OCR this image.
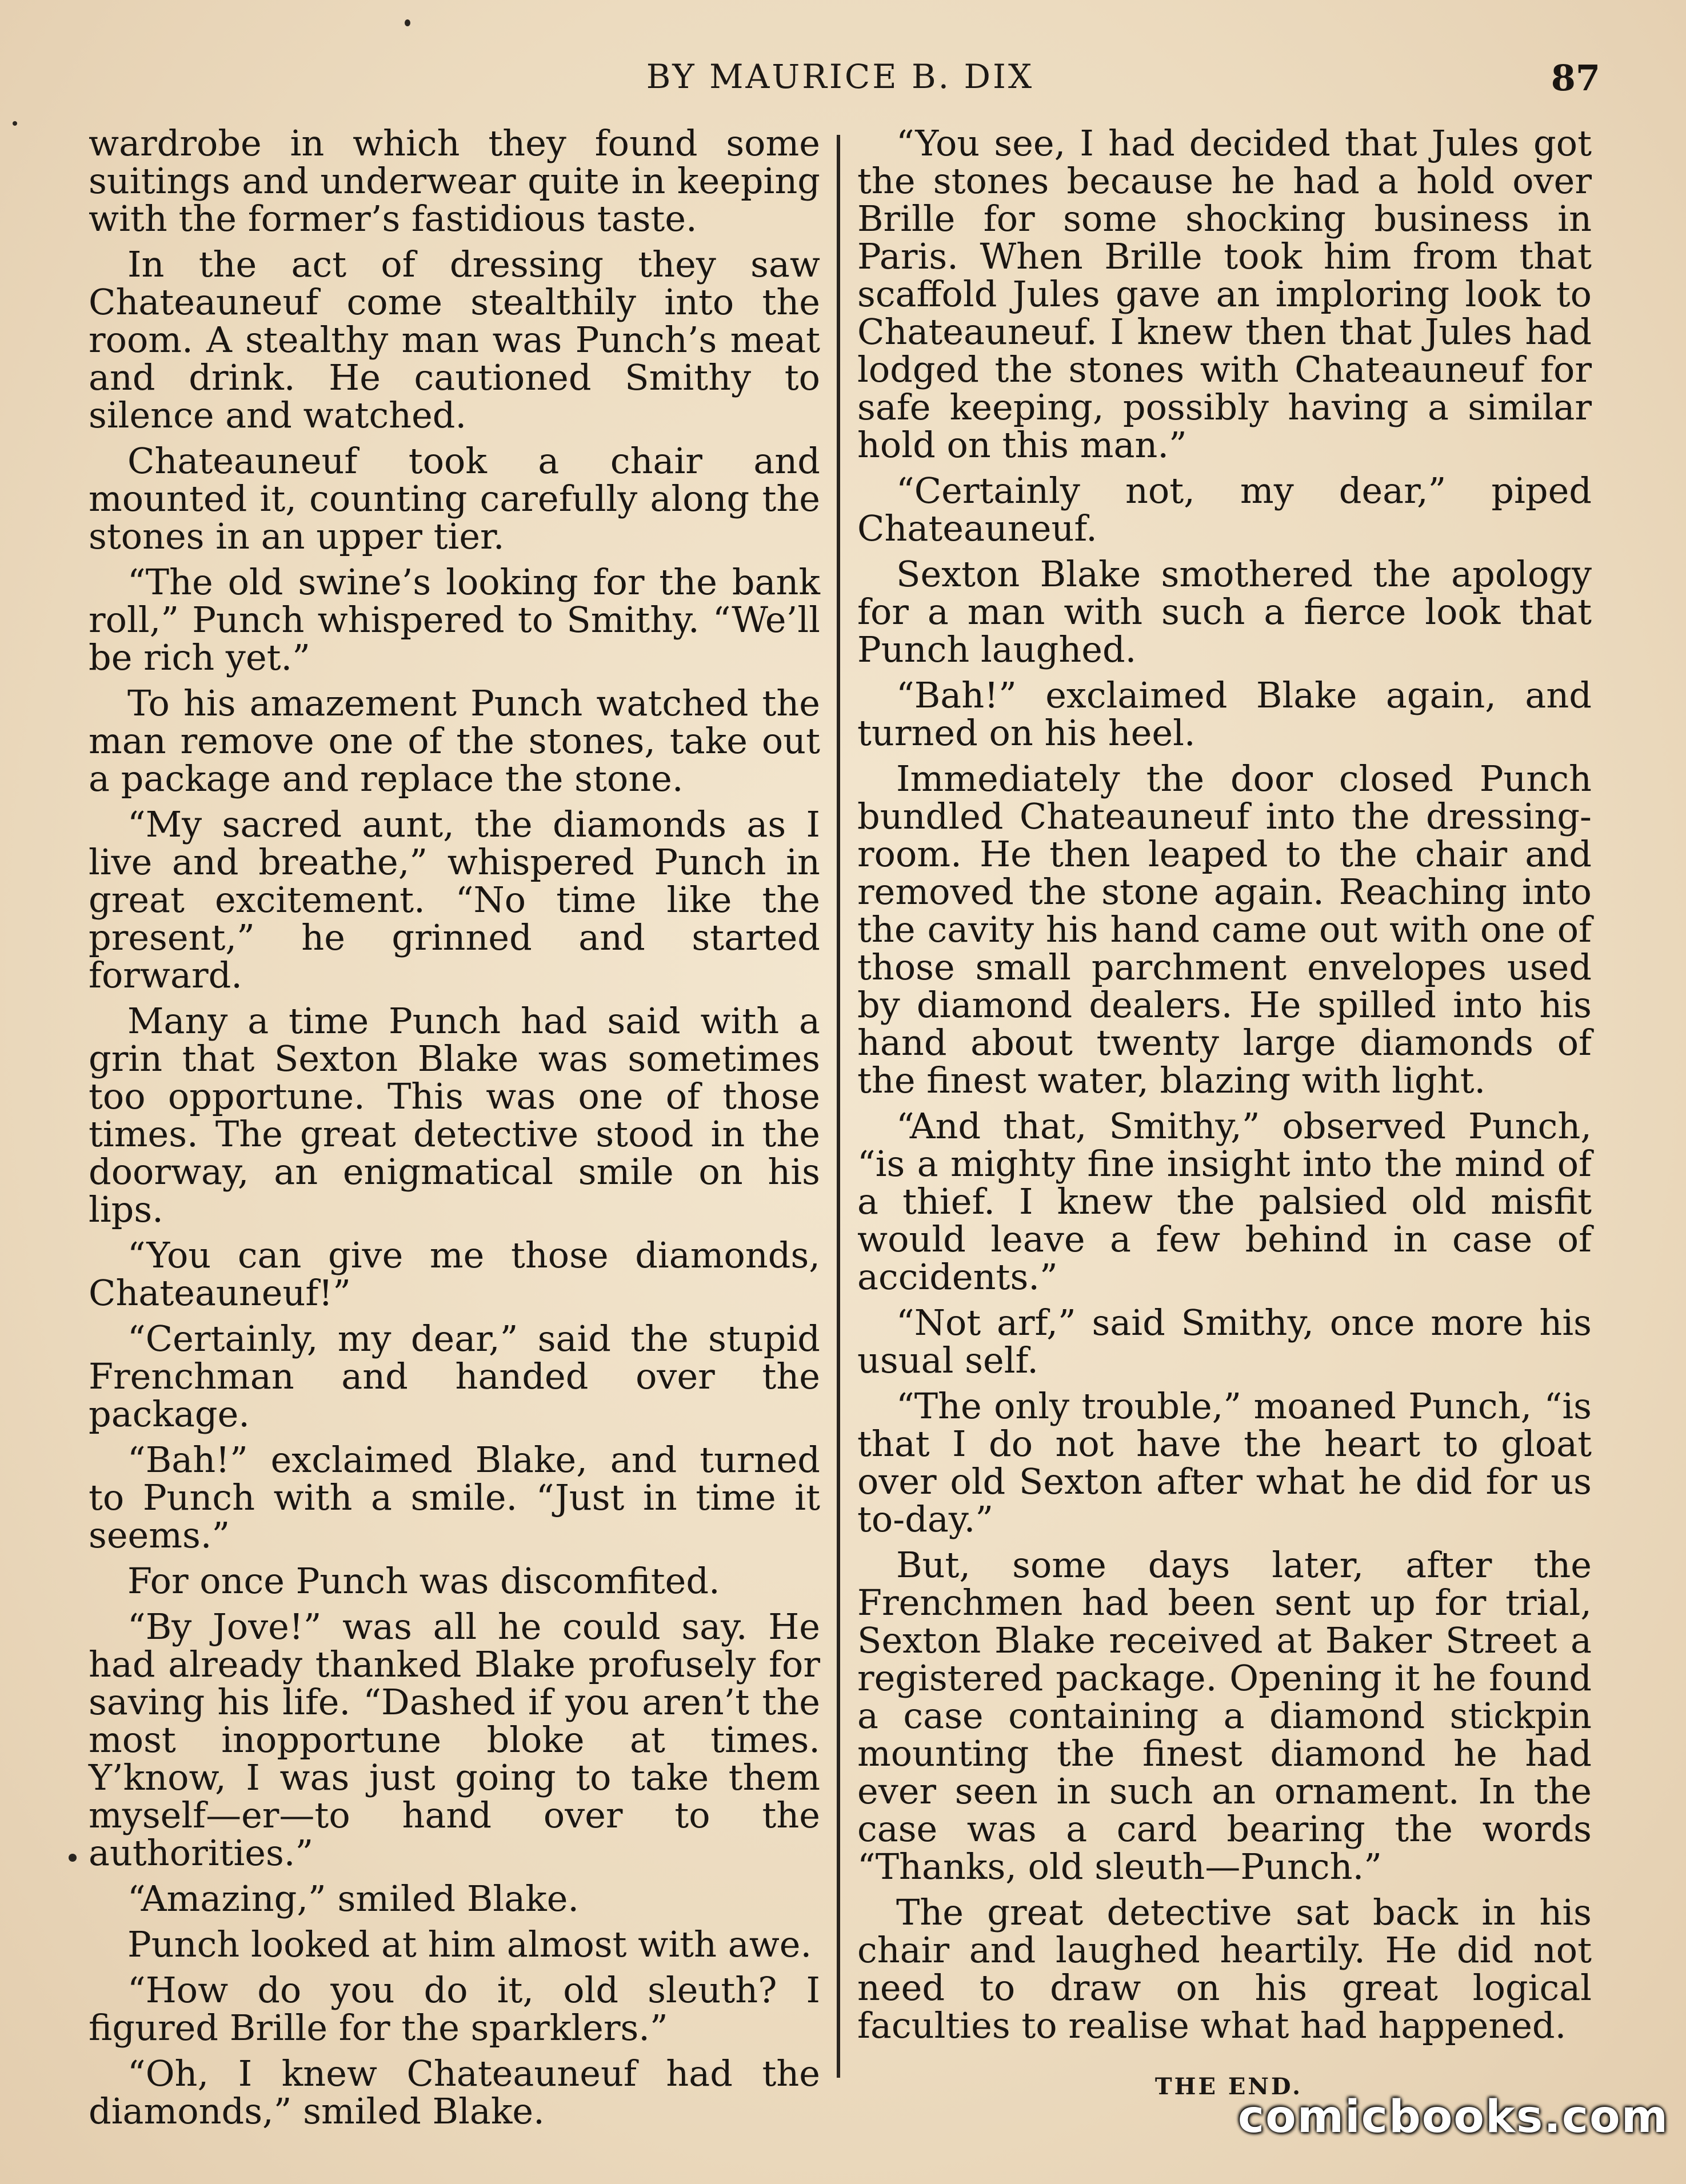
BY MAURICE B. DIX	87

wardrobe in which they found some suitings and underwear quite in keeping with the former’s fastidious taste.

In the act of dressing they saw Chateauneuf come stealthily into the room. A stealthy man was Punch’s meat and drink. He cautioned Smithy to silence and watched.

Chateauneuf took a chair and mounted it, counting carefully along the stones in an upper tier.

“The old swine’s looking for the bank roll,” Punch whispered to Smithy. “We’ll be rich yet.”

To his amazement Punch watched the man remove one of the stones, take out a package and replace the stone.

“My sacred aunt, the diamonds as I live and breathe,” whispered Punch in great excitement. “No time like the present,” he grinned and started forward.

Many a time Punch had said with a grin that Sexton Blake was sometimes too opportune. This was one of those times. The great detective stood in the doorway, an enigmatical smile on his lips.

“You can give me those diamonds, Chateauneuf!”

“Certainly, my dear,” said the stupid Frenchman and handed over the package.

“Bah!” exclaimed Blake, and turned to Punch with a smile. “Just in time it seems.”

For once Punch was discomfited.

“By Jove!” was all he could say. He had already thanked Blake profusely for saving his life. “Dashed if you aren’t the most inopportune bloke at times. Y’know, I was just going to take them myself—er—to hand over to the authorities.”

“Amazing,” smiled Blake.

Punch looked at him almost with awe.

“How do you do it, old sleuth? I figured Brille for the sparklers.”

“Oh, I knew Chateauneuf had the diamonds,” smiled Blake.

“You see, I had decided that Jules got the stones because he had a hold over Brille for some shocking business in Paris. When Brille took him from that scaffold Jules gave an imploring look to Chateauneuf. I knew then that Jules had lodged the stones with Chateauneuf for safe keeping, possibly having a similar hold on this man.”

“Certainly not, my dear,” piped Chateauneuf.

Sexton Blake smothered the apology for a man with such a fierce look that Punch laughed.

“Bah!” exclaimed Blake again, and turned on his heel.

Immediately the door closed Punch bundled Chateauneuf into the dressing-room. He then leaped to the chair and removed the stone again. Reaching into the cavity his hand came out with one of those small parchment envelopes used by diamond dealers. He spilled into his hand about twenty large diamonds of the finest water, blazing with light.

“And that, Smithy,” observed Punch, “is a mighty fine insight into the mind of a thief. I knew the palsied old misfit would leave a few behind in case of accidents.”

“Not arf,” said Smithy, once more his usual self.

“The only trouble,” moaned Punch, “is that I do not have the heart to gloat over old Sexton after what he did for us to-day.”

But, some days later, after the Frenchmen had been sent up for trial, Sexton Blake received at Baker Street a registered package. Opening it he found a case containing a diamond stickpin mounting the finest diamond he had ever seen in such an ornament. In the case was a card bearing the words “Thanks, old sleuth—Punch.”

The great detective sat back in his chair and laughed heartily. He did not need to draw on his great logical faculties to realise what had happened.

THE END.
comicbooks.com
